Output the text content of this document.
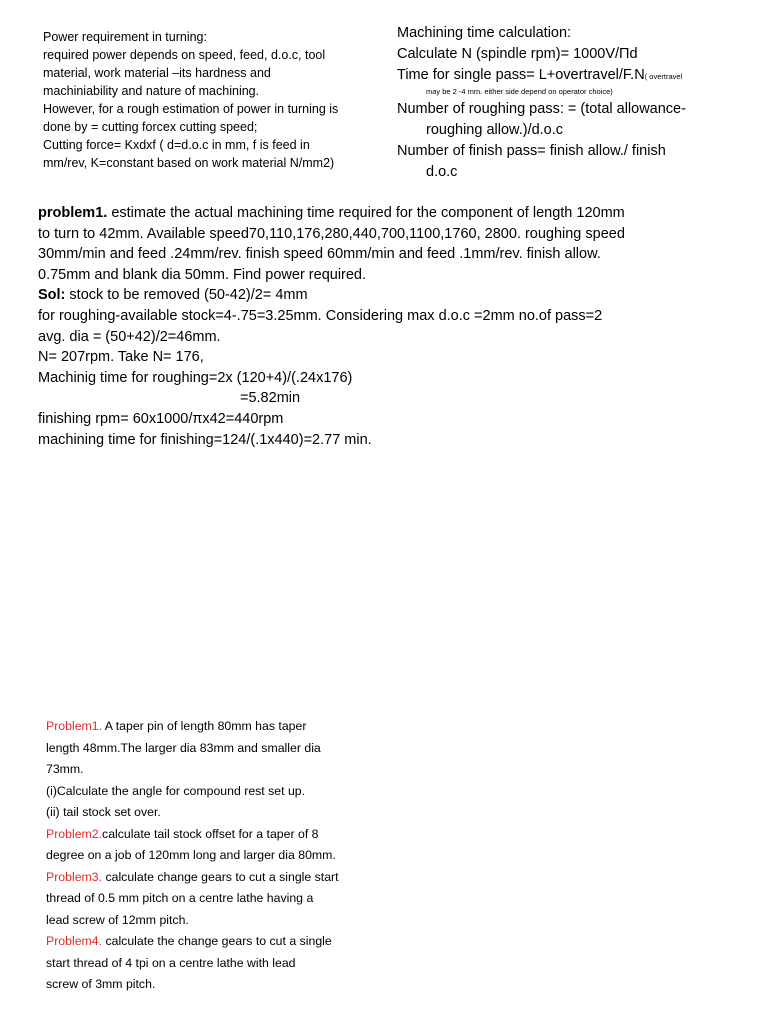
Power requirement in turning:
required power depends on speed, feed, d.o.c, tool
material, work material –its hardness and
machiniability and nature of machining.
However, for a rough estimation of power in turning is
done by = cutting forcex cutting speed;
Cutting force= Kxdxf ( d=d.o.c in mm, f is feed in
mm/rev, K=constant based on work material N/mm2)
Machining time calculation:
Calculate N (spindle rpm)= 1000V/Πd
Time for single pass= L+overtravel/F.N( overtravel
may be 2 -4 mm. either side depend on operator choice)
Number of roughing pass: = (total allowance-
roughing allow.)/d.o.c
Number of finish pass= finish allow./ finish
d.o.c
problem1. estimate the actual machining time required for the component of length 120mm
to turn to 42mm. Available speed70,110,176,280,440,700,1100,1760, 2800. roughing speed
30mm/min and feed .24mm/rev. finish speed 60mm/min and feed .1mm/rev. finish allow.
0.75mm and blank dia 50mm. Find power required.
Sol: stock to be removed (50-42)/2= 4mm
for roughing-available stock=4-.75=3.25mm. Considering max d.o.c =2mm no.of pass=2
avg. dia = (50+42)/2=46mm.
N= 207rpm. Take N= 176,
Machinig time for roughing=2x (120+4)/(.24x176)
=5.82min
finishing rpm= 60x1000/πx42=440rpm
machining time for finishing=124/(.1x440)=2.77 min.
Problem1. A taper pin of length 80mm has taper
length 48mm.The larger dia 83mm and smaller dia
73mm.
(i)Calculate the angle for compound rest set up.
(ii) tail stock set over.
Problem2.calculate tail stock offset for a taper of 8
degree on a job of 120mm long and larger dia 80mm.
Problem3. calculate change gears to cut a single start
thread of 0.5 mm pitch on a centre lathe having a
lead screw of 12mm pitch.
Problem4. calculate the change gears to cut a single
start thread of 4 tpi on a centre lathe with lead
screw of 3mm pitch.
